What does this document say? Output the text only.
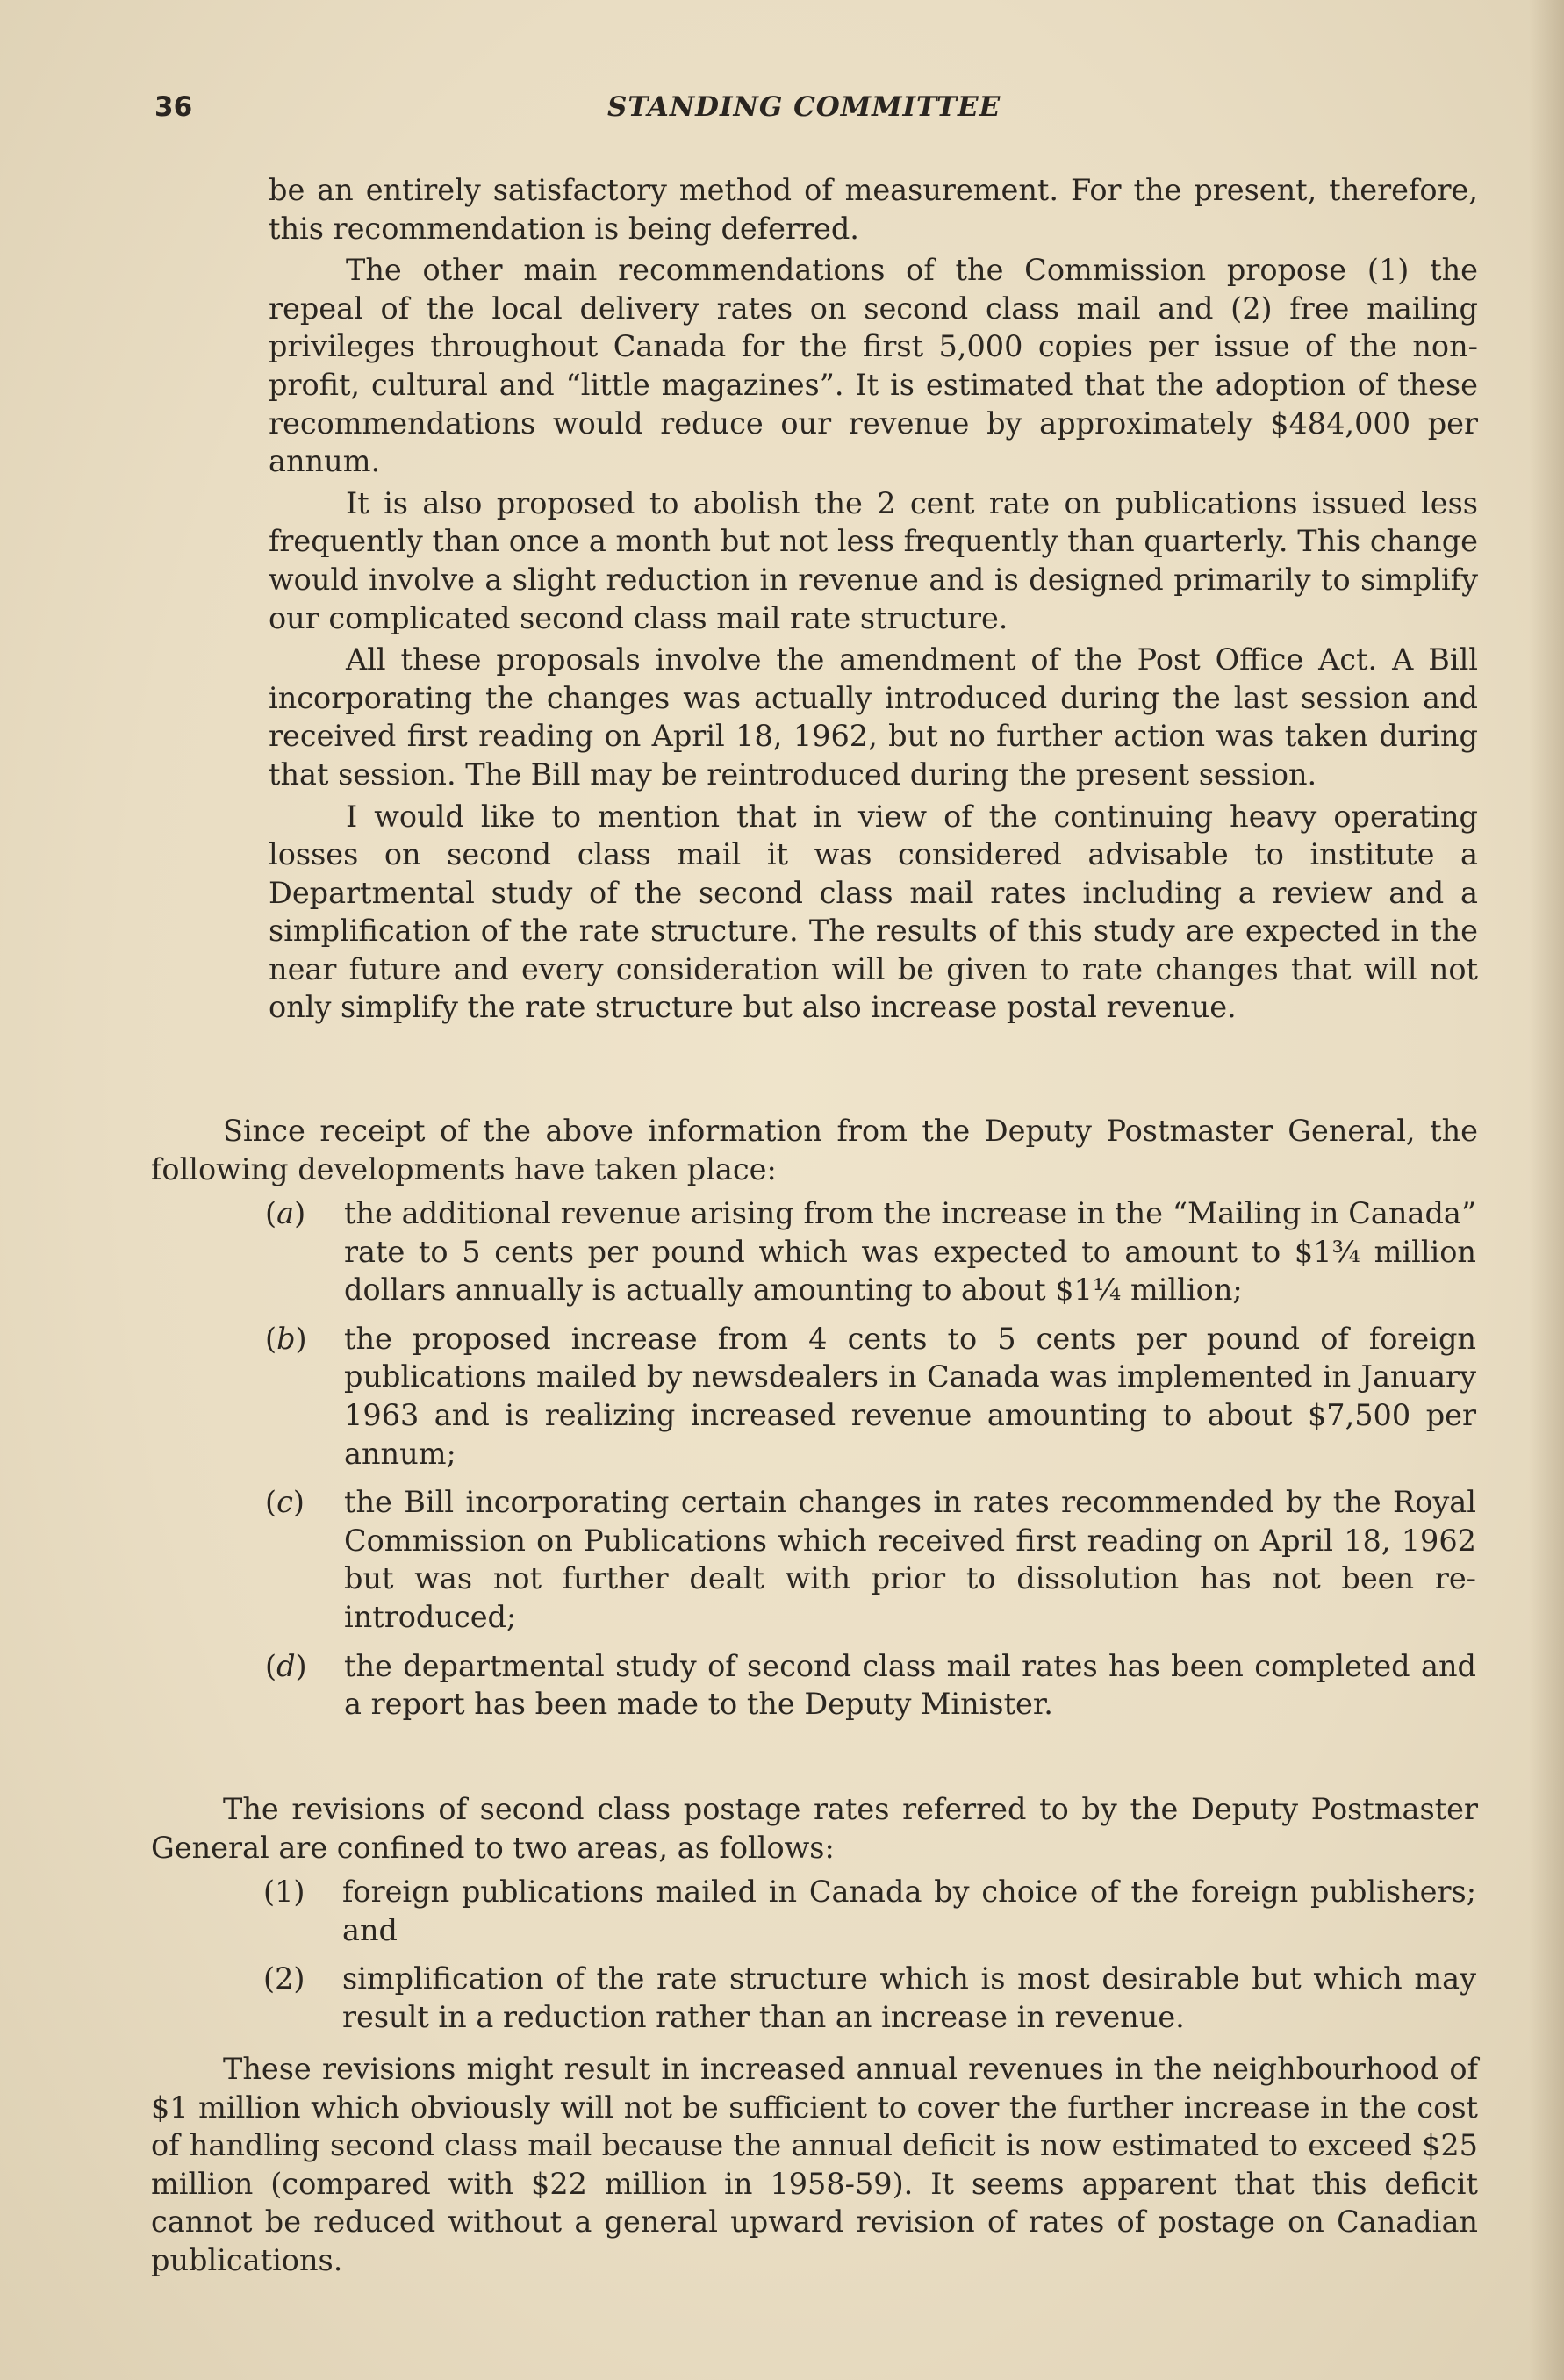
36	STANDING COMMITTEE

be an entirely satisfactory method of measurement. For the present, therefore, this recommendation is being deferred.

The other main recommendations of the Commission propose (1) the repeal of the local delivery rates on second class mail and (2) free mailing privileges throughout Canada for the first 5,000 copies per issue of the non-profit, cultural and “little magazines”. It is estimated that the adoption of these recommendations would reduce our revenue by approximately $484,000 per annum.

It is also proposed to abolish the 2 cent rate on publications issued less frequently than once a month but not less frequently than quarterly. This change would involve a slight reduction in revenue and is designed primarily to simplify our complicated second class mail rate structure.

All these proposals involve the amendment of the Post Office Act. A Bill incorporating the changes was actually introduced during the last session and received first reading on April 18, 1962, but no further action was taken during that session. The Bill may be reintroduced during the present session.

I would like to mention that in view of the continuing heavy operating losses on second class mail it was considered advisable to institute a Departmental study of the second class mail rates including a review and a simplification of the rate structure. The results of this study are expected in the near future and every consideration will be given to rate changes that will not only simplify the rate structure but also increase postal revenue.

Since receipt of the above information from the Deputy Postmaster General, the following developments have taken place:

(a) the additional revenue arising from the increase in the “Mailing in Canada” rate to 5 cents per pound which was expected to amount to $1¾ million dollars annually is actually amounting to about $1¼ million;
(b) the proposed increase from 4 cents to 5 cents per pound of foreign publications mailed by newsdealers in Canada was implemented in January 1963 and is realizing increased revenue amounting to about $7,500 per annum;
(c) the Bill incorporating certain changes in rates recommended by the Royal Commission on Publications which received first reading on April 18, 1962 but was not further dealt with prior to dissolution has not been re-introduced;
(d) the departmental study of second class mail rates has been completed and a report has been made to the Deputy Minister.

The revisions of second class postage rates referred to by the Deputy Postmaster General are confined to two areas, as follows:

(1) foreign publications mailed in Canada by choice of the foreign publishers; and
(2) simplification of the rate structure which is most desirable but which may result in a reduction rather than an increase in revenue.

These revisions might result in increased annual revenues in the neighbourhood of $1 million which obviously will not be sufficient to cover the further increase in the cost of handling second class mail because the annual deficit is now estimated to exceed $25 million (compared with $22 million in 1958-59). It seems apparent that this deficit cannot be reduced without a general upward revision of rates of postage on Canadian publications.
